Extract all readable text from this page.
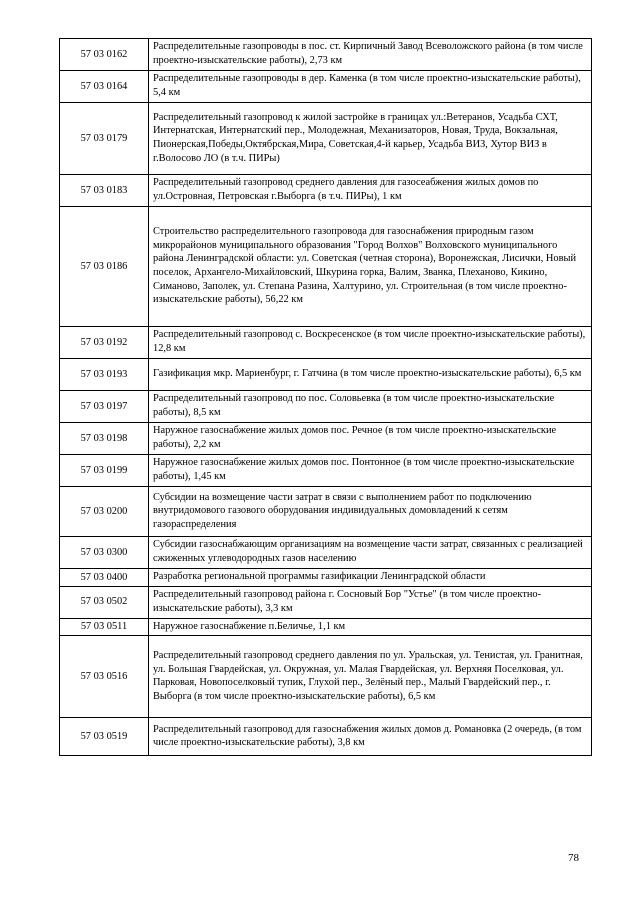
57 03 0162	Распределительные газопроводы в пос. ст. Кирпичный Завод Всеволожского района (в том числе проектно-изыскательские работы), 2,73 км
57 03 0164	Распределительные газопроводы в дер. Каменка (в том числе проектно-изыскательские работы), 5,4 км
57 03 0179	Распределительный газопровод к жилой застройке в границах ул.:Ветеранов, Усадьба СХТ, Интернатская, Интернатский пер., Молодежная, Механизаторов, Новая, Труда, Вокзальная, Пионерская,Победы,Октябрская,Мира, Советская,4-й карьер, Усадьба ВИЗ, Хутор ВИЗ в г.Волосово ЛО (в т.ч. ПИРы)
57 03 0183	Распределительный газопровод среднего давления для газосеабжения жилых домов по ул.Островная, Петровская г.Выборга (в т.ч. ПИРы), 1 км
57 03 0186	Строительство распределительного газопровода для газоснабжения природным газом микрорайонов муниципального образования "Город Волхов" Волховского муниципального района Ленинградской области: ул. Советская (четная сторона), Воронежская, Лисички, Новый поселок, Архангело-Михайловский, Шкурина горка, Валим, Званка, Плеханово, Кикино, Симаново, Заполек, ул. Степана Разина, Халтурино, ул. Строительная (в том числе проектно-изыскательские работы), 56,22 км
57 03 0192	Распределительный газопровод с. Воскресенское (в том числе проектно-изыскательские работы), 12,8 км
57 03 0193	Газификация мкр. Мариенбург, г. Гатчина (в том числе проектно-изыскательские работы), 6,5 км
57 03 0197	Распределительный газопровод по пос. Соловьевка (в том числе проектно-изыскательские работы), 8,5 км
57 03 0198	Наружное газоснабжение жилых домов пос. Речное (в том числе проектно-изыскательские работы), 2,2 км
57 03 0199	Наружное газоснабжение жилых домов пос. Понтонное (в том числе проектно-изыскательские работы), 1,45 км
57 03 0200	Субсидии на возмещение части затрат в связи с выполнением работ по подключению внутридомового газового оборудования индивидуальных домовладений к сетям газораспределения
57 03 0300	Субсидии газоснабжающим организациям на возмещение части затрат, связанных с реализацией сжиженных углеводородных газов населению
57 03 0400	Разработка региональной программы газификации Ленинградской области
57 03 0502	Распределительный газопровод района г. Сосновый Бор "Устье" (в том числе проектно-изыскательские работы), 3,3 км
57 03 0511	Наружное газоснабжение п.Беличье, 1,1 км
57 03 0516	Распределительный газопровод среднего давления по ул. Уральская, ул. Тенистая, ул. Гранитная, ул. Большая Гвардейская, ул. Окружная, ул. Малая Гвардейская, ул. Верхняя Поселковая, ул. Парковая, Новопоселковый тупик, Глухой пер., Зелёный пер., Малый Гвардейский пер., г. Выборга (в том числе проектно-изыскательские работы), 6,5 км
57 03 0519	Распределительный газопровод для газоснабжения жилых домов д. Романовка (2 очередь, (в том числе проектно-изыскательские работы), 3,8 км
78
